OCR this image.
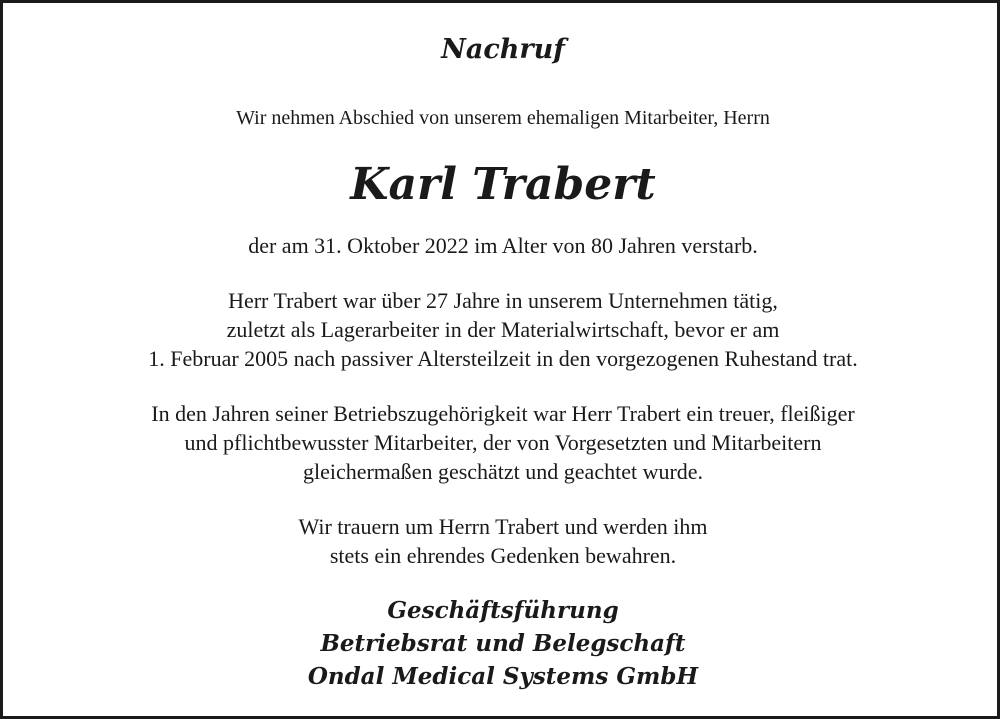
Nachruf

Wir nehmen Abschied von unserem ehemaligen Mitarbeiter, Herrn

Karl Trabert

der am 31. Oktober 2022 im Alter von 80 Jahren verstarb.

Herr Trabert war über 27 Jahre in unserem Unternehmen tätig,

zuletzt als Lagerarbeiter in der Materialwirtschaft, bevor er am

1. Februar 2005 nach passiver Altersteilzeit in den vorgezogenen Ruhestand trat.

In den Jahren seiner Betriebszugehörigkeit war Herr Trabert ein treuer, fleißiger

und pflichtbewusster Mitarbeiter, der von Vorgesetzten und Mitarbeitern

gleichermaßen geschätzt und geachtet wurde.

Wir trauern um Herrn Trabert und werden ihm

stets ein ehrendes Gedenken bewahren.

Geschäftsführung

Betriebsrat und Belegschaft

Ondal Medical Systems GmbH
